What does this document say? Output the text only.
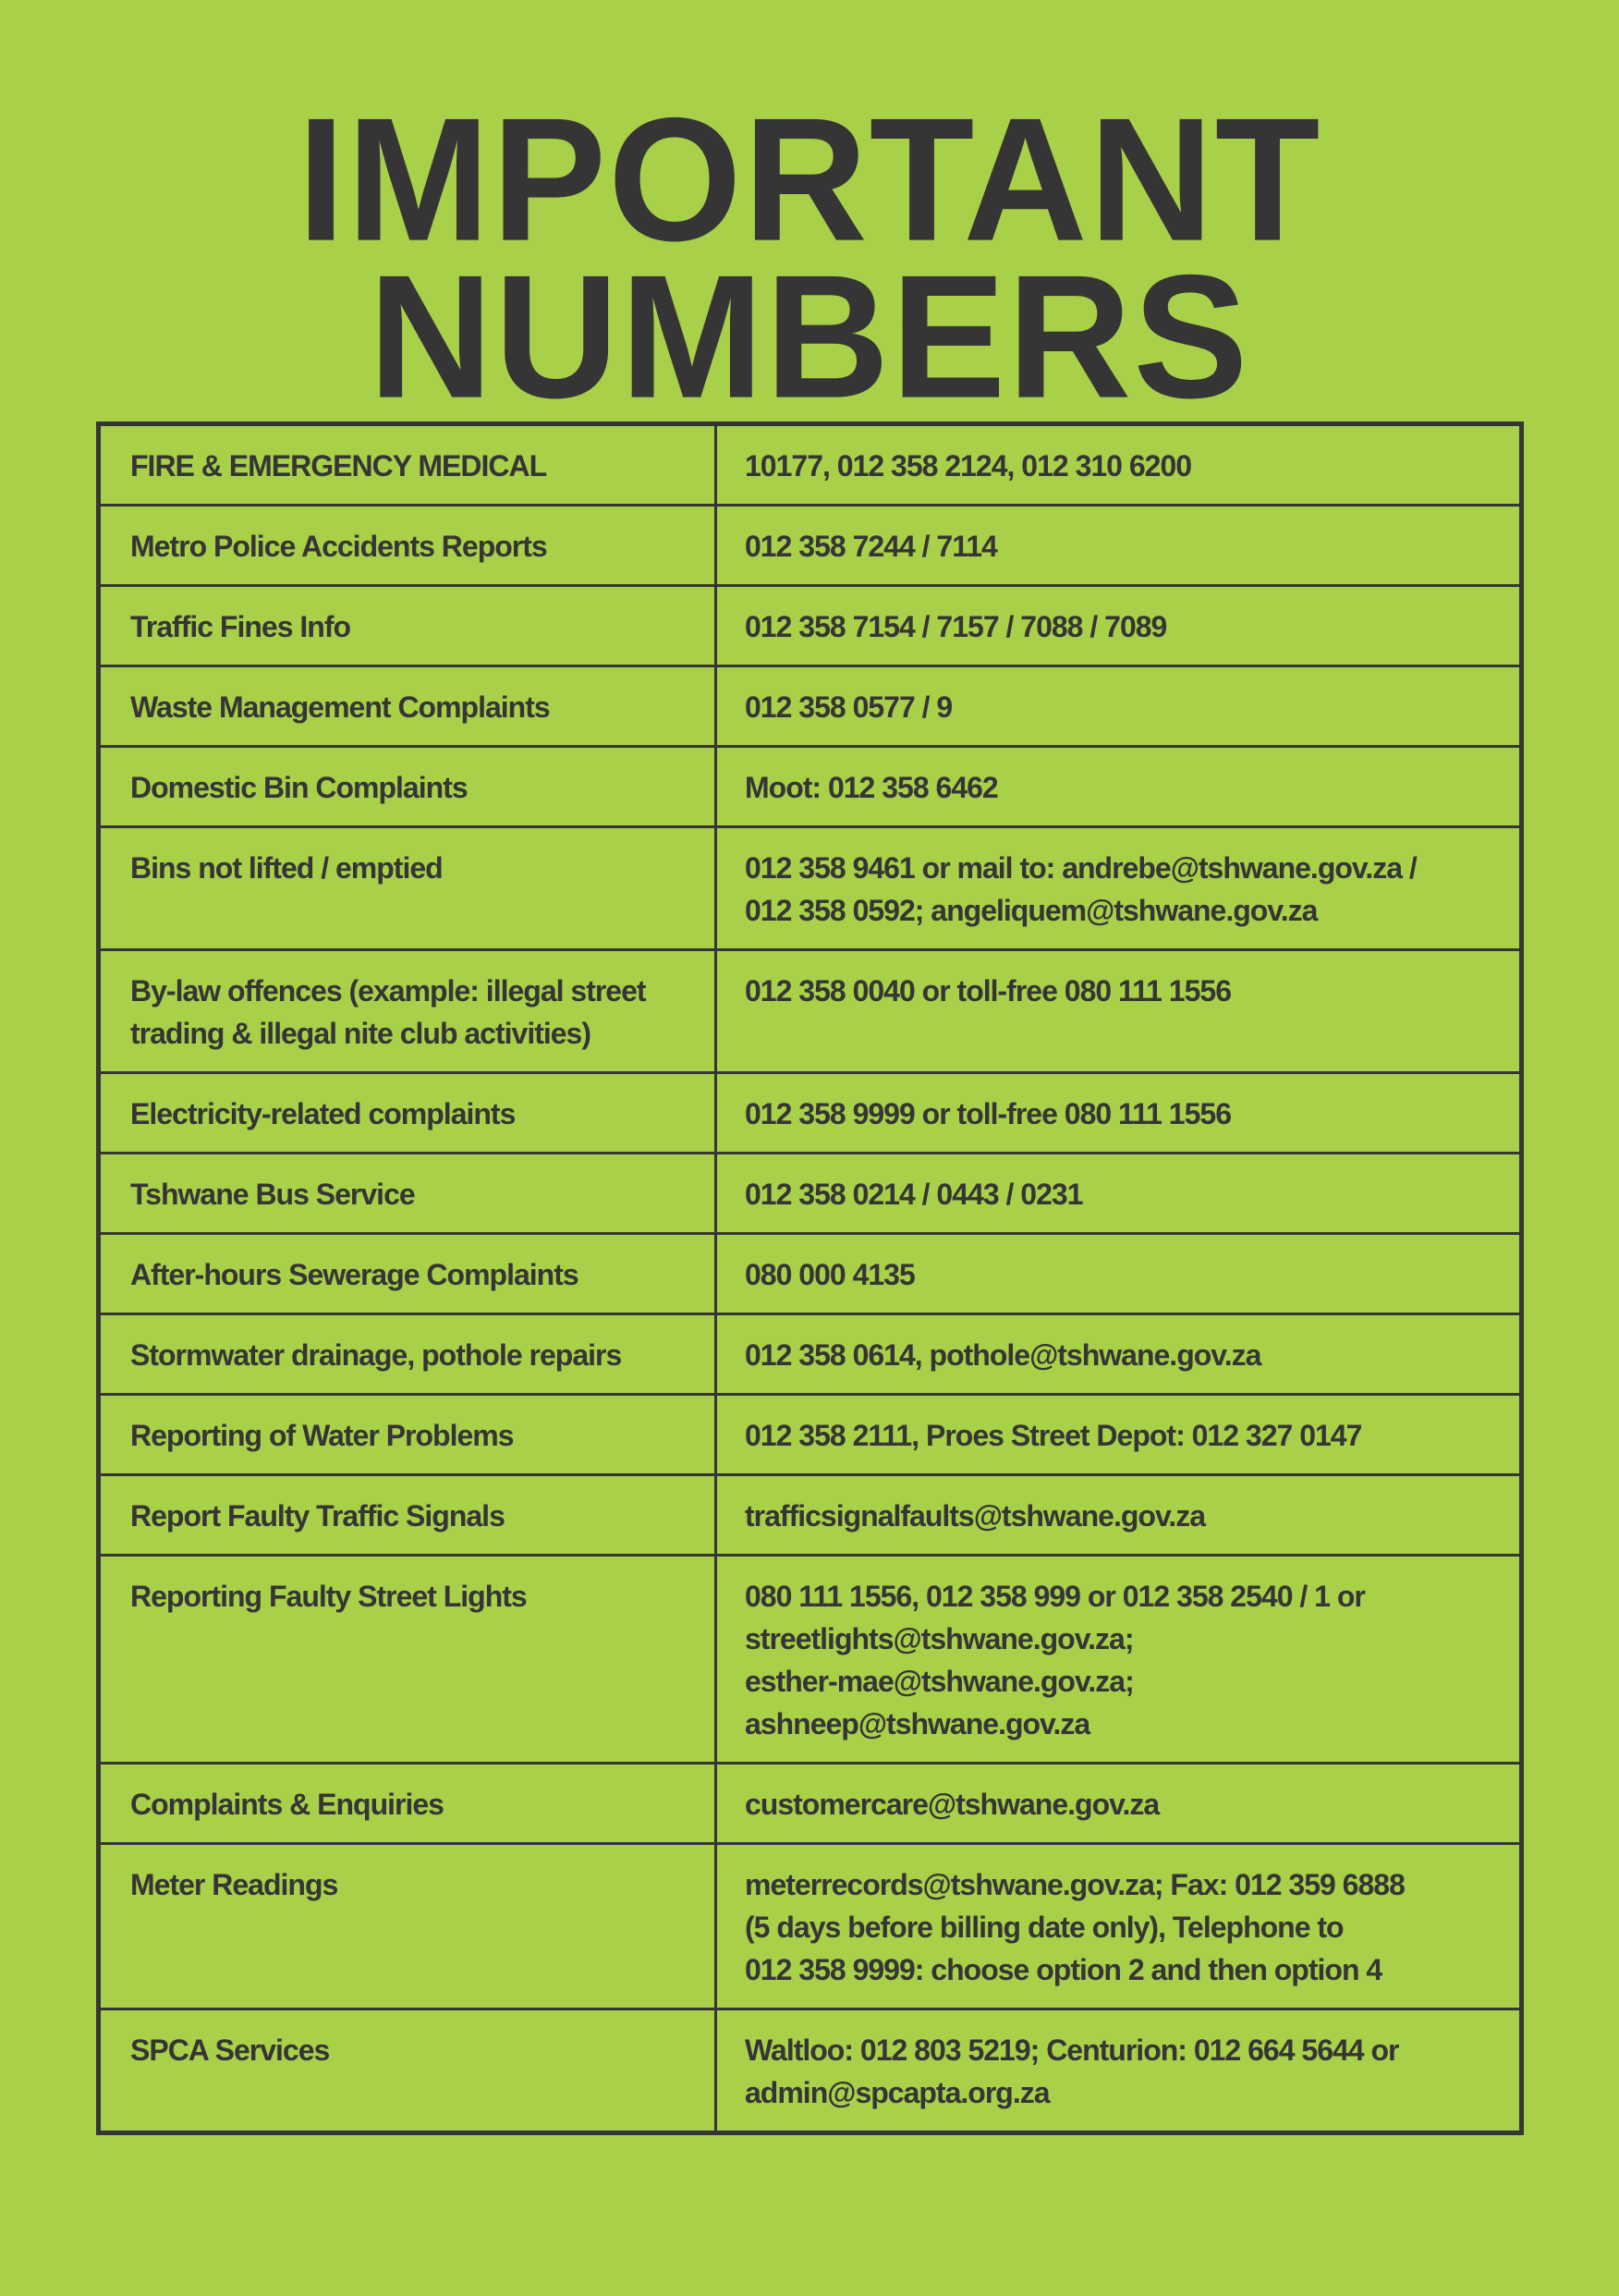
IMPORTANT
NUMBERS
FIRE & EMERGENCY MEDICAL	10177, 012 358 2124, 012 310 6200
Metro Police Accidents Reports	012 358 7244 / 7114
Traffic Fines Info	012 358 7154 / 7157 / 7088 / 7089
Waste Management Complaints	012 358 0577 / 9
Domestic Bin Complaints	Moot: 012 358 6462
Bins not lifted / emptied	012 358 9461 or mail to: andrebe@tshwane.gov.za /
012 358 0592; angeliquem@tshwane.gov.za
By-law offences (example: illegal street
trading & illegal nite club activities)	012 358 0040 or toll-free 080 111 1556
Electricity-related complaints	012 358 9999 or toll-free 080 111 1556
Tshwane Bus Service	012 358 0214 / 0443 / 0231
After-hours Sewerage Complaints	080 000 4135
Stormwater drainage, pothole repairs	012 358 0614, pothole@tshwane.gov.za
Reporting of Water Problems	012 358 2111, Proes Street Depot: 012 327 0147
Report Faulty Traffic Signals	trafficsignalfaults@tshwane.gov.za
Reporting Faulty Street Lights	080 111 1556, 012 358 999 or 012 358 2540 / 1 or
streetlights@tshwane.gov.za;
esther-mae@tshwane.gov.za;
ashneep@tshwane.gov.za
Complaints & Enquiries	customercare@tshwane.gov.za
Meter Readings	meterrecords@tshwane.gov.za; Fax: 012 359 6888
(5 days before billing date only), Telephone to
012 358 9999: choose option 2 and then option 4
SPCA Services	Waltloo: 012 803 5219; Centurion: 012 664 5644 or
admin@spcapta.org.za
